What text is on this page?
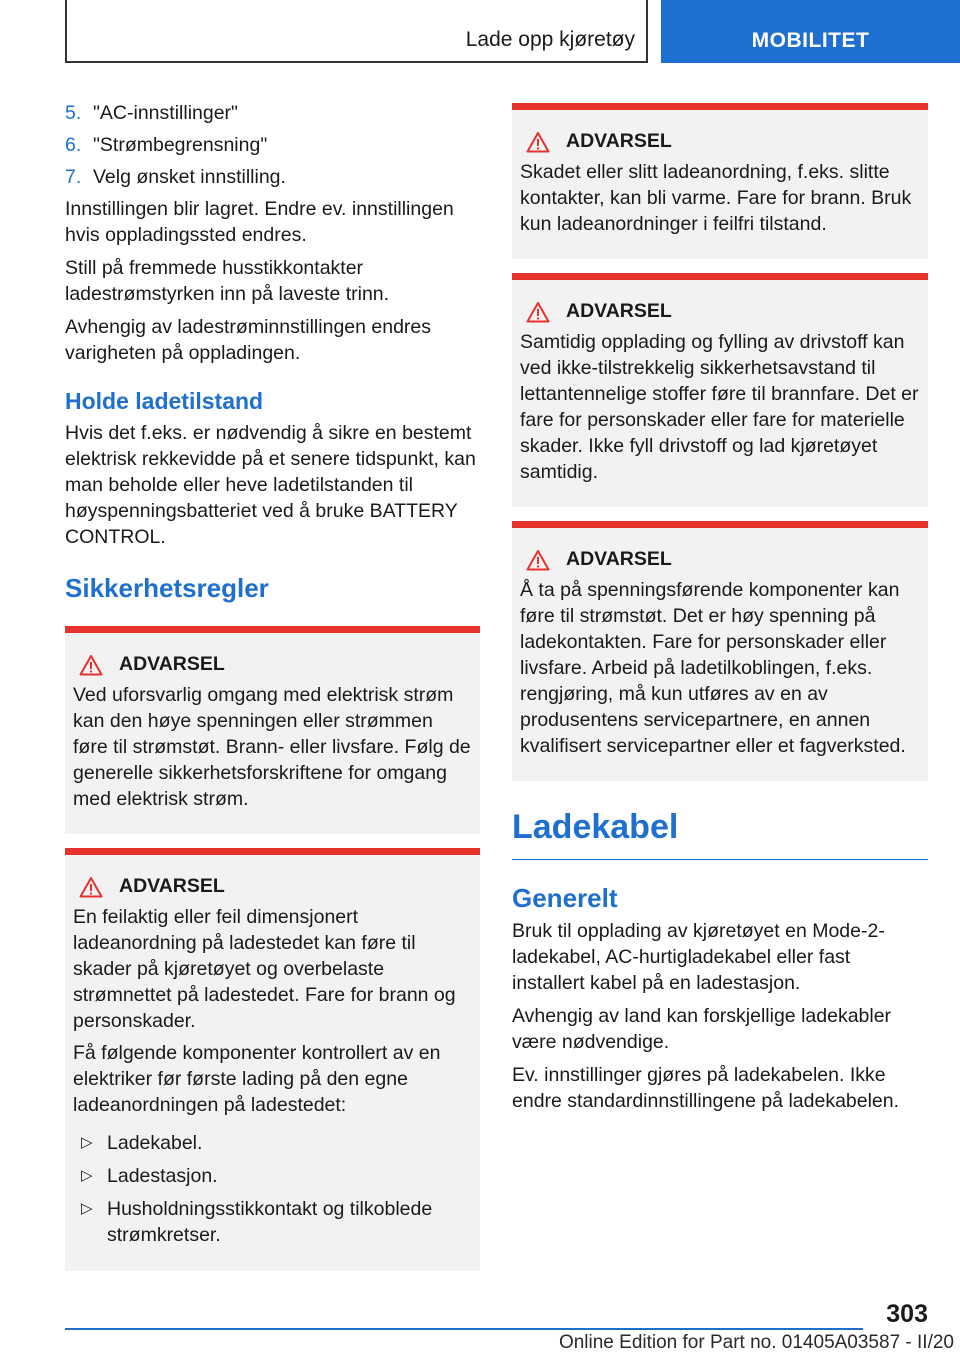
Lade opp kjøretøy	MOBILITET
5. "AC-innstillinger"
6. "Strømbegrensning"
7. Velg ønsket innstilling.

Innstillingen blir lagret. Endre ev. innstillingen hvis oppladingssted endres.

Still på fremmede husstikkontakter ladestrømstyrken inn på laveste trinn.

Avhengig av ladestrøminnstillingen endres varigheten på oppladingen.

Holde ladetilstand

Hvis det f.eks. er nødvendig å sikre en bestemt elektrisk rekkevidde på et senere tidspunkt, kan man beholde eller heve ladetilstanden til høyspenningsbatteriet ved å bruke BATTERY CONTROL.

Sikkerhetsregler
ADVARSEL

Ved uforsvarlig omgang med elektrisk strøm kan den høye spenningen eller strømmen føre til strømstøt. Brann- eller livsfare. Følg de generelle sikkerhetsforskriftene for omgang med elektrisk strøm.

ADVARSEL

En feilaktig eller feil dimensjonert ladeanordning på ladestedet kan føre til skader på kjøretøyet og overbelaste strømnettet på ladestedet. Fare for brann og personskader.

Få følgende komponenter kontrollert av en elektriker før første lading på den egne ladeanordningen på ladestedet:

▷ Ladekabel.
▷ Ladestasjon.
▷ Husholdningsstikkontakt og tilkoblede strømkretser.
ADVARSEL

Skadet eller slitt ladeanordning, f.eks. slitte kontakter, kan bli varme. Fare for brann. Bruk kun ladeanordninger i feilfri tilstand.

ADVARSEL

Samtidig opplading og fylling av drivstoff kan ved ikke-tilstrekkelig sikkerhetsavstand til lettantennelige stoffer føre til brannfare. Det er fare for personskader eller fare for materielle skader. Ikke fyll drivstoff og lad kjøretøyet samtidig.

ADVARSEL

Å ta på spenningsførende komponenter kan føre til strømstøt. Det er høy spenning på ladekontakten. Fare for personskader eller livsfare. Arbeid på ladetilkoblingen, f.eks. rengjøring, må kun utføres av en av produsentens servicepartnere, en annen kvalifisert servicepartner eller et fagverksted.

Ladekabel
Generelt

Bruk til opplading av kjøretøyet en Mode-2-ladekabel, AC-hurtigladekabel eller fast installert kabel på en ladestasjon.

Avhengig av land kan forskjellige ladekabler være nødvendige.

Ev. innstillinger gjøres på ladekabelen. Ikke endre standardinnstillingene på ladekabelen.

303
Online Edition for Part no. 01405A03587 - II/20
